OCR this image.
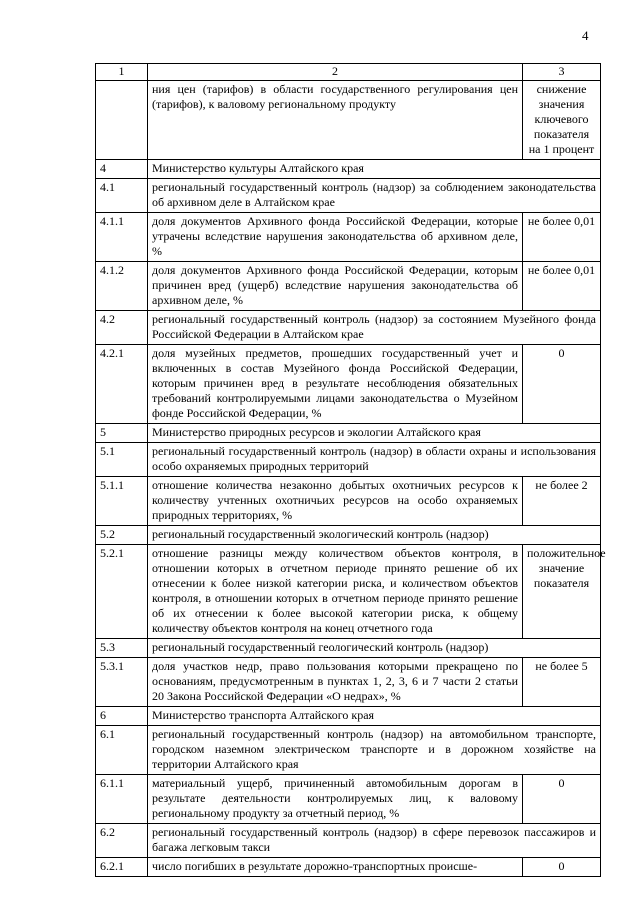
4
1	2	3
	ния цен (тарифов) в области государственного регулирования цен (тарифов), к валовому региональному продукту	снижение значения ключевого показателя на 1 процент
4	Министерство культуры Алтайского края	
4.1	региональный государственный контроль (надзор) за соблюдением законодательства об архивном деле в Алтайском крае	
4.1.1	доля документов Архивного фонда Российской Федерации, которые утрачены вследствие нарушения законодательства об архивном деле, %	не более 0,01
4.1.2	доля документов Архивного фонда Российской Федерации, которым причинен вред (ущерб) вследствие нарушения законодательства об архивном деле, %	не более 0,01
4.2	региональный государственный контроль (надзор) за состоянием Музейного фонда Российской Федерации в Алтайском крае	
4.2.1	доля музейных предметов, прошедших государственный учет и включенных в состав Музейного фонда Российской Федерации, которым причинен вред в результате несоблюдения обязательных требований контролируемыми лицами законодательства о Музейном фонде Российской Федерации, %	0
5	Министерство природных ресурсов и экологии Алтайского края	
5.1	региональный государственный контроль (надзор) в области охраны и использования особо охраняемых природных территорий	
5.1.1	отношение количества незаконно добытых охотничьих ресурсов к количеству учтенных охотничьих ресурсов на особо охраняемых природных территориях, %	не более 2
5.2	региональный государственный экологический контроль (надзор)	
5.2.1	отношение разницы между количеством объектов контроля, в отношении которых в отчетном периоде принято решение об их отнесении к более низкой категории риска, и количеством объектов контроля, в отношении которых в отчетном периоде принято решение об их отнесении к более высокой категории риска, к общему количеству объектов контроля на конец отчетного года	положительное значение показателя
5.3	региональный государственный геологический контроль (надзор)	
5.3.1	доля участков недр, право пользования которыми прекращено по основаниям, предусмотренным в пунктах 1, 2, 3, 6 и 7 части 2 статьи 20 Закона Российской Федерации «О недрах», %	не более 5
6	Министерство транспорта Алтайского края	
6.1	региональный государственный контроль (надзор) на автомобильном транспорте, городском наземном электрическом транспорте и в дорожном хозяйстве на территории Алтайского края	
6.1.1	материальный ущерб, причиненный автомобильным дорогам в результате деятельности контролируемых лиц, к валовому региональному продукту за отчетный период, %	0
6.2	региональный государственный контроль (надзор) в сфере перевозок пассажиров и багажа легковым такси	
6.2.1	число погибших в результате дорожно-транспортных происше-	0
